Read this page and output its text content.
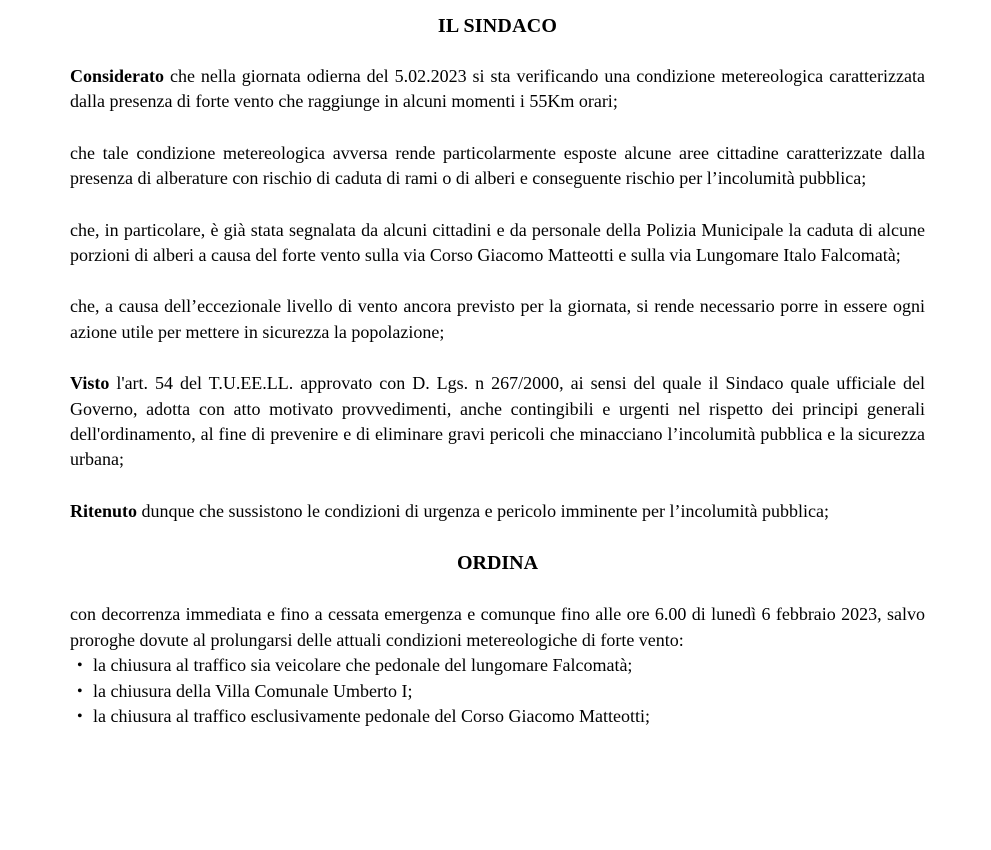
IL SINDACO

Considerato che nella giornata odierna del 5.02.2023 si sta verificando una condizione metereologica caratterizzata dalla presenza di forte vento che raggiunge in alcuni momenti i 55Km orari;

che tale condizione metereologica avversa rende particolarmente esposte alcune aree cittadine caratterizzate dalla presenza di alberature con rischio di caduta di rami o di alberi e conseguente rischio per l’incolumità pubblica;

che, in particolare, è già stata segnalata da alcuni cittadini e da personale della Polizia Municipale la caduta di alcune porzioni di alberi a causa del forte vento sulla via Corso Giacomo Matteotti e sulla via Lungomare Italo Falcomatà;

che, a causa dell’eccezionale livello di vento ancora previsto per la giornata, si rende necessario porre in essere ogni azione utile per mettere in sicurezza la popolazione;

Visto l'art. 54 del T.U.EE.LL. approvato con D. Lgs. n 267/2000, ai sensi del quale il Sindaco quale ufficiale del Governo, adotta con atto motivato provvedimenti, anche contingibili e urgenti nel rispetto dei principi generali dell'ordinamento, al fine di prevenire e di eliminare gravi pericoli che minacciano l’incolumità pubblica e la sicurezza urbana;

Ritenuto dunque che sussistono le condizioni di urgenza e pericolo imminente per l’incolumità pubblica;

ORDINA

con decorrenza immediata e fino a cessata emergenza e comunque fino alle ore 6.00 di lunedì 6 febbraio 2023, salvo proroghe dovute al prolungarsi delle attuali condizioni metereologiche di forte vento:

• la chiusura al traffico sia veicolare che pedonale del lungomare Falcomatà;
• la chiusura della Villa Comunale Umberto I;
• la chiusura al traffico esclusivamente pedonale del Corso Giacomo Matteotti;
